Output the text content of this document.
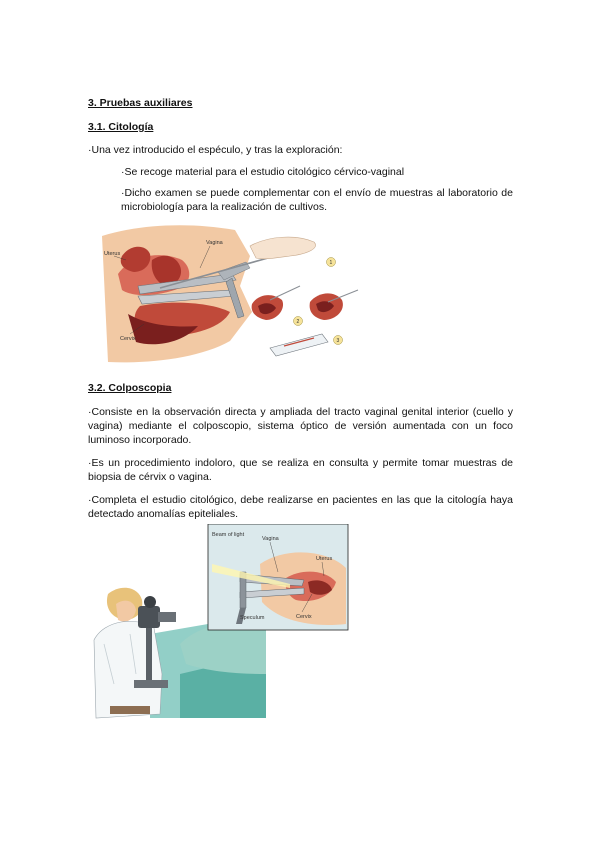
3. Pruebas auxiliares

3.1. Citología

·Una vez introducido el espéculo, y tras la exploración:

·Se recoge material para el estudio citológico cérvico-vaginal

·Dicho examen se puede complementar con el envío de muestras al laboratorio de microbiología para la realización de cultivos.

Uterus
Vagina
Cervix
1
2
3

3.2. Colposcopia

·Consiste en la observación directa y ampliada del tracto vaginal genital interior (cuello y vagina) mediante el colposcopio, sistema óptico de versión aumentada con un foco luminoso incorporado.

·Es un procedimiento indoloro, que se realiza en consulta y permite tomar muestras de biopsia de cérvix o vagina.

·Completa el estudio citológico, debe realizarse en pacientes en las que la citología haya detectado anomalías epiteliales.

Beam of light
Vagina
Uterus
Speculum	Cervix
